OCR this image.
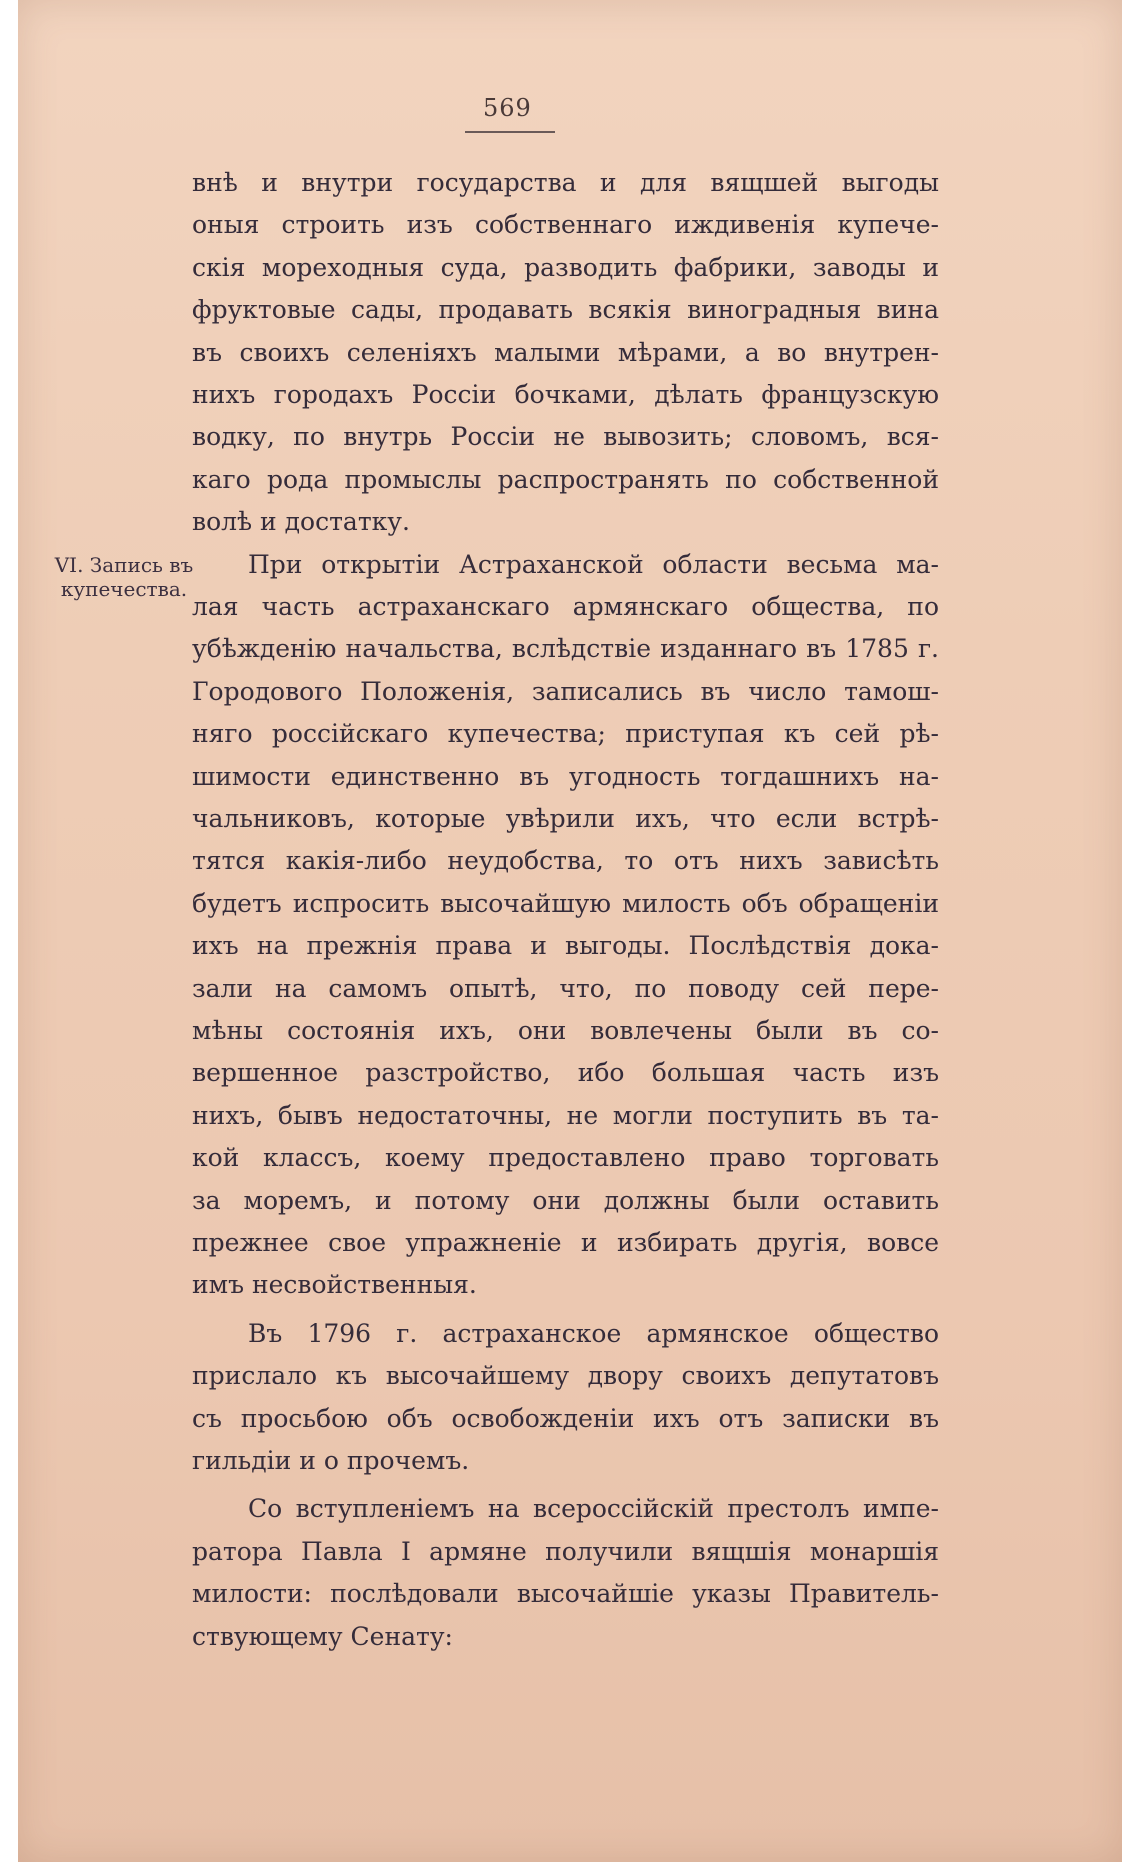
569
VI. Запись въ купечества.
внѣ и внутри государства и для вящшей выгоды
оныя строить изъ собственнаго иждивенія купече-
скія мореходныя суда, разводить фабрики, заводы и
фруктовые сады, продавать всякія виноградныя вина
въ своихъ селеніяхъ малыми мѣрами, а во внутрен-
нихъ городахъ Россіи бочками, дѣлать французскую
водку, по внутрь Россіи не вывозить; словомъ, вся-
каго рода промыслы распространять по собственной
волѣ и достатку.
При открытіи Астраханской области весьма ма-
лая часть астраханскаго армянскаго общества, по
убѣжденію начальства, вслѣдствіе изданнаго въ 1785 г.
Городового Положенія, записались въ число тамош-
няго россійскаго купечества; приступая къ сей рѣ-
шимости единственно въ угодность тогдашнихъ на-
чальниковъ, которые увѣрили ихъ, что если встрѣ-
тятся какія-либо неудобства, то отъ нихъ зависѣть
будетъ испросить высочайшую милость объ обращеніи
ихъ на прежнія права и выгоды. Послѣдствія дока-
зали на самомъ опытѣ, что, по поводу сей пере-
мѣны состоянія ихъ, они вовлечены были въ со-
вершенное разстройство, ибо большая часть изъ
нихъ, бывъ недостаточны, не могли поступить въ та-
кой классъ, коему предоставлено право торговать
за моремъ, и потому они должны были оставить
прежнее свое упражненіе и избирать другія, вовсе
имъ несвойственныя.
Въ 1796 г. астраханское армянское общество
прислало къ высочайшему двору своихъ депутатовъ
съ просьбою объ освобожденіи ихъ отъ записки въ
гильдіи и о прочемъ.
Со вступленіемъ на всероссійскій престолъ импе-
ратора Павла I армяне получили вящшія монаршія
милости: послѣдовали высочайшіе указы Правитель-
ствующему Сенату:
